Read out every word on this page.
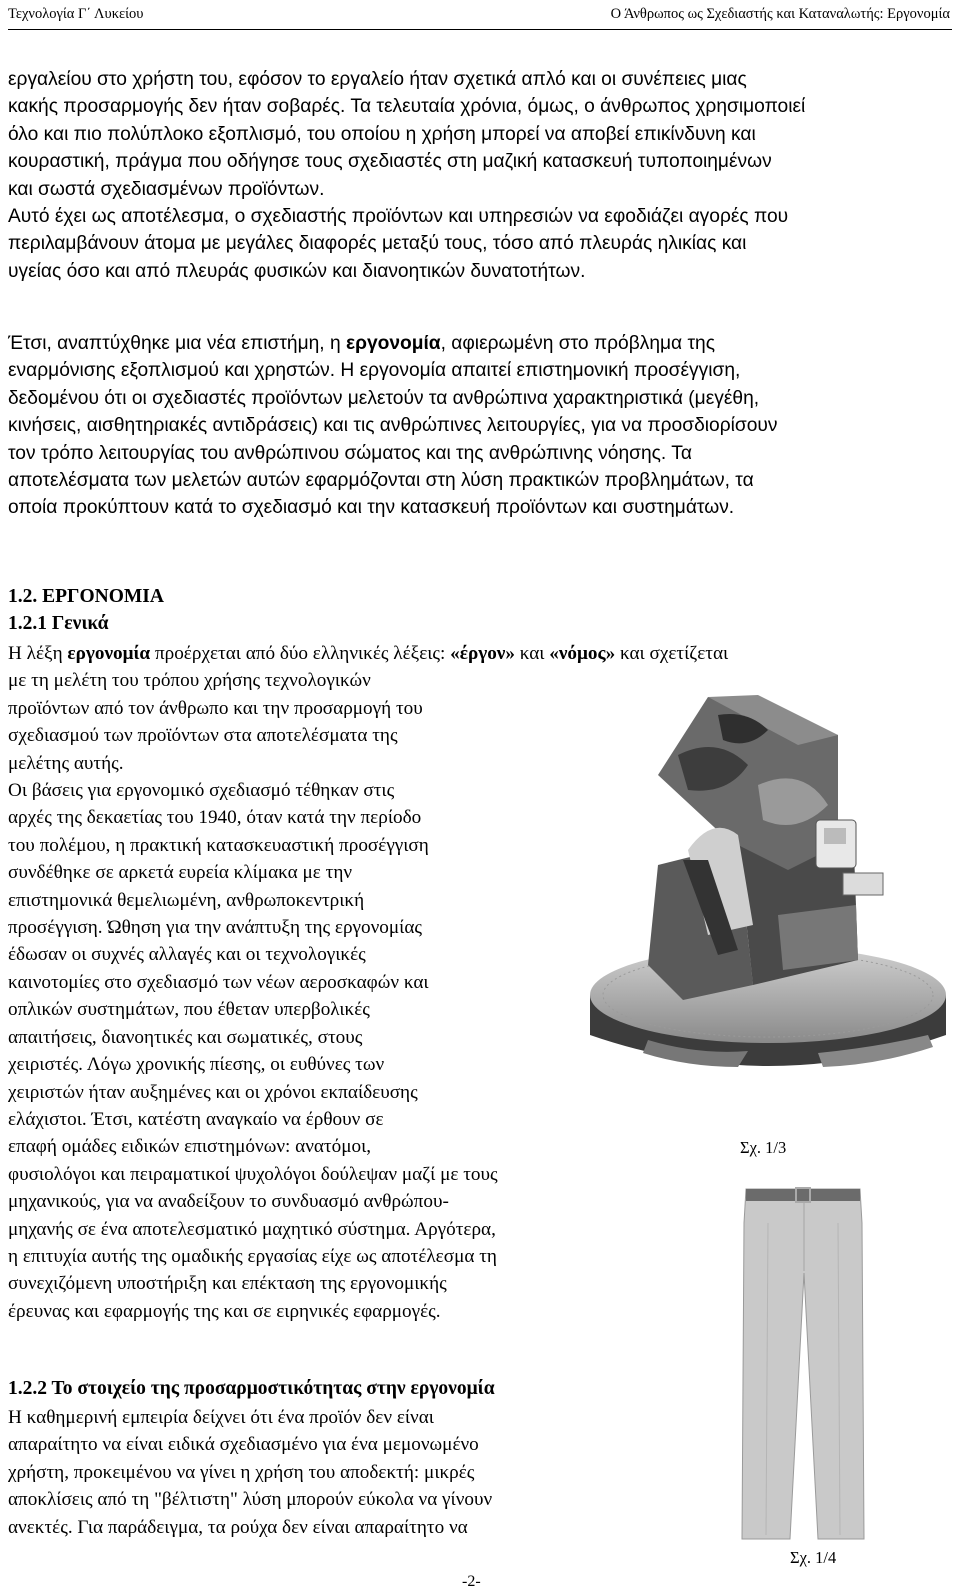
Τεχνολογία Γ΄ Λυκείου	Ο Άνθρωπος ως Σχεδιαστής και Καταναλωτής: Εργονομία
εργαλείου στο χρήστη του, εφόσον το εργαλείο ήταν σχετικά απλό και οι συνέπειες μιας
κακής προσαρμογής δεν ήταν σοβαρές. Τα τελευταία χρόνια, όμως, ο άνθρωπος χρησιμοποιεί
όλο και πιο πολύπλοκο εξοπλισμό, του οποίου η χρήση μπορεί να αποβεί επικίνδυνη και
κουραστική, πράγμα που οδήγησε τους σχεδιαστές στη μαζική κατασκευή τυποποιημένων
και σωστά σχεδιασμένων προϊόντων.
Αυτό έχει ως αποτέλεσμα, ο σχεδιαστής προϊόντων και υπηρεσιών να εφοδιάζει αγορές που
περιλαμβάνουν άτομα με μεγάλες διαφορές μεταξύ τους, τόσο από πλευράς ηλικίας και
υγείας όσο και από πλευράς φυσικών και διανοητικών δυνατοτήτων.
Έτσι, αναπτύχθηκε μια νέα επιστήμη, η εργονομία, αφιερωμένη στο πρόβλημα της
εναρμόνισης εξοπλισμού και χρηστών. Η εργονομία απαιτεί επιστημονική προσέγγιση,
δεδομένου ότι οι σχεδιαστές προϊόντων μελετούν τα ανθρώπινα χαρακτηριστικά (μεγέθη,
κινήσεις, αισθητηριακές αντιδράσεις) και τις ανθρώπινες λειτουργίες, για να προσδιορίσουν
τον τρόπο λειτουργίας του ανθρώπινου σώματος και της ανθρώπινης νόησης. Τα
αποτελέσματα των μελετών αυτών εφαρμόζονται στη λύση πρακτικών προβλημάτων, τα
οποία προκύπτουν κατά το σχεδιασμό και την κατασκευή προϊόντων και συστημάτων.
1.2. ΕΡΓΟΝΟΜΙΑ
1.2.1 Γενικά
Η λέξη εργονομία προέρχεται από δύο ελληνικές λέξεις: «έργον» και «νόμος» και σχετίζεται
με τη μελέτη του τρόπου χρήσης τεχνολογικών
προϊόντων από τον άνθρωπο και την προσαρμογή του
σχεδιασμού των προϊόντων στα αποτελέσματα της
μελέτης αυτής.
Οι βάσεις για εργονομικό σχεδιασμό τέθηκαν στις
αρχές της δεκαετίας του 1940, όταν κατά την περίοδο
του πολέμου, η πρακτική κατασκευαστική προσέγγιση
συνδέθηκε σε αρκετά ευρεία κλίμακα με την
επιστημονικά θεμελιωμένη, ανθρωποκεντρική
προσέγγιση. Ώθηση για την ανάπτυξη της εργονομίας
έδωσαν οι συχνές αλλαγές και οι τεχνολογικές
καινοτομίες στο σχεδιασμό των νέων αεροσκαφών και
οπλικών συστημάτων, που έθεταν υπερβολικές
απαιτήσεις, διανοητικές και σωματικές, στους
χειριστές. Λόγω χρονικής πίεσης, οι ευθύνες των
χειριστών ήταν αυξημένες και οι χρόνοι εκπαίδευσης
ελάχιστοι. Έτσι, κατέστη αναγκαίο να έρθουν σε
επαφή ομάδες ειδικών επιστημόνων: ανατόμοι,
φυσιολόγοι και πειραματικοί ψυχολόγοι δούλεψαν μαζί με τους
μηχανικούς, για να αναδείξουν το συνδυασμό ανθρώπου-
μηχανής σε ένα αποτελεσματικό μαχητικό σύστημα. Αργότερα,
η επιτυχία αυτής της ομαδικής εργασίας είχε ως αποτέλεσμα τη
συνεχιζόμενη υποστήριξη και επέκταση της εργονομικής
έρευνας και εφαρμογής της και σε ειρηνικές εφαρμογές.
Σχ. 1/3
1.2.2 Το στοιχείο της προσαρμοστικότητας στην εργονομία
Η καθημερινή εμπειρία δείχνει ότι ένα προϊόν δεν είναι
απαραίτητο να είναι ειδικά σχεδιασμένο για ένα μεμονωμένο
χρήστη, προκειμένου να γίνει η χρήση του αποδεκτή: μικρές
αποκλίσεις από τη "βέλτιστη" λύση μπορούν εύκολα να γίνουν
ανεκτές. Για παράδειγμα, τα ρούχα δεν είναι απαραίτητο να
Σχ. 1/4
-2-
